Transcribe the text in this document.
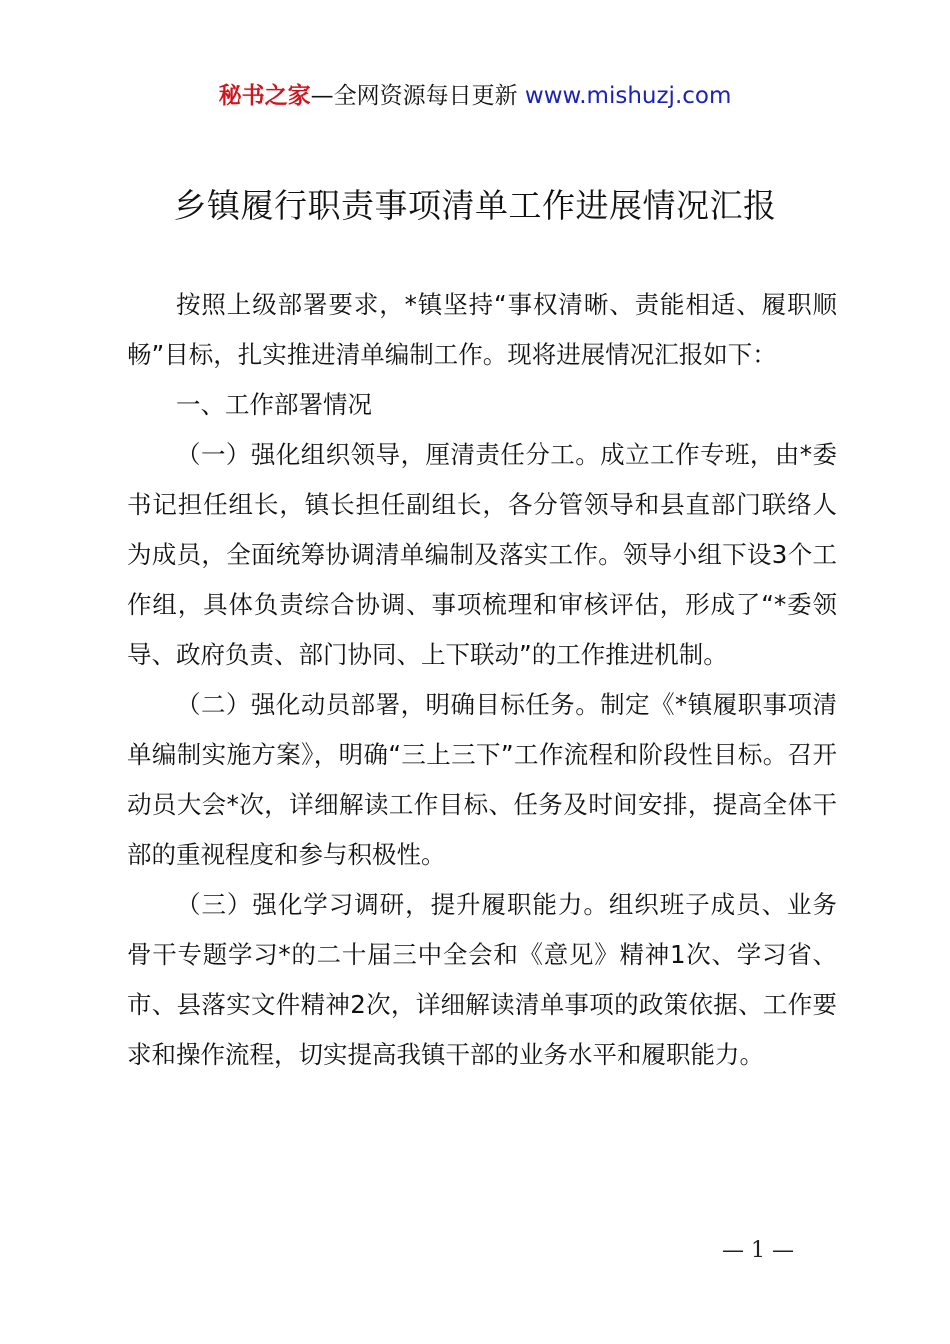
秘书之家—全网资源每日更新 www.mishuzj.com
乡镇履行职责事项清单工作进展情况汇报

按照上级部署要求，*镇坚持“事权清晰、责能相适、履职顺畅”目标，扎实推进清单编制工作。现将进展情况汇报如下：

一、工作部署情况

（一）强化组织领导，厘清责任分工。成立工作专班，由*委书记担任组长，镇长担任副组长，各分管领导和县直部门联络人为成员，全面统筹协调清单编制及落实工作。领导小组下设3个工作组，具体负责综合协调、事项梳理和审核评估，形成了“*委领导、政府负责、部门协同、上下联动”的工作推进机制。

（二）强化动员部署，明确目标任务。制定《*镇履职事项清单编制实施方案》，明确“三上三下”工作流程和阶段性目标。召开动员大会*次，详细解读工作目标、任务及时间安排，提高全体干部的重视程度和参与积极性。

（三）强化学习调研，提升履职能力。组织班子成员、业务骨干专题学习*的二十届三中全会和《意见》精神1次、学习省、市、县落实文件精神2次，详细解读清单事项的政策依据、工作要求和操作流程，切实提高我镇干部的业务水平和履职能力。

— 1 —
